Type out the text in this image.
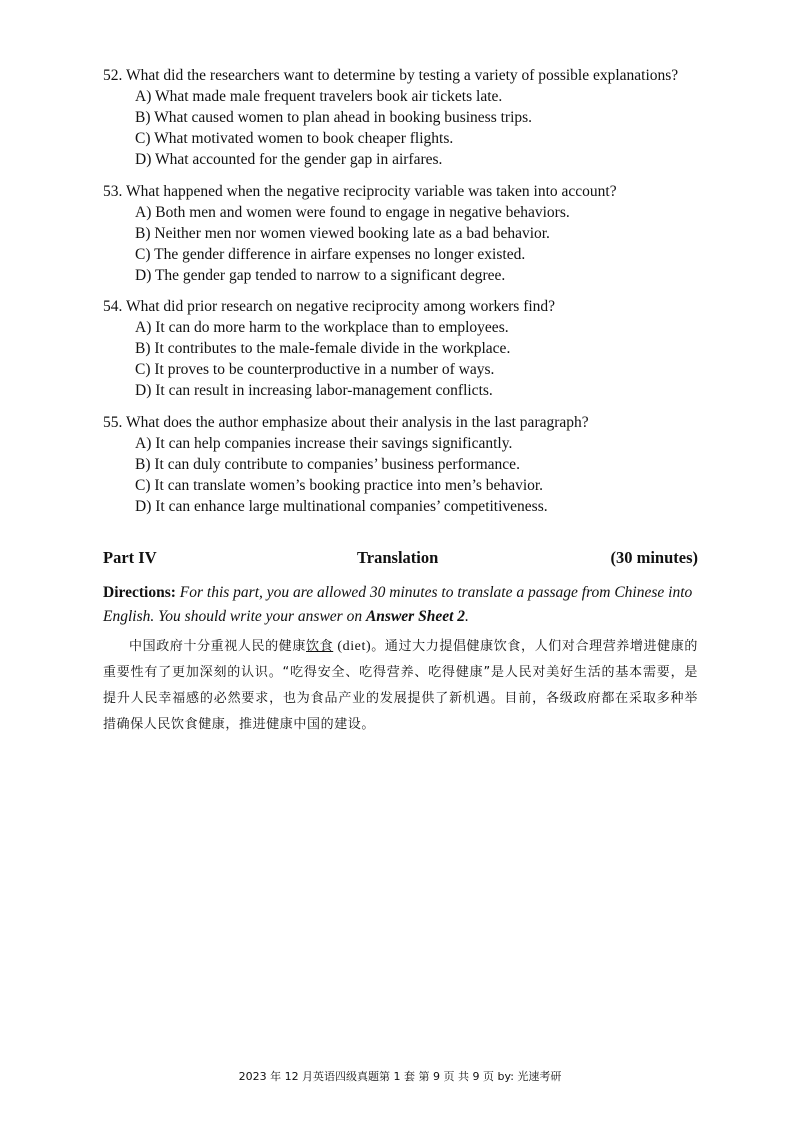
52. What did the researchers want to determine by testing a variety of possible explanations?
A) What made male frequent travelers book air tickets late.
B) What caused women to plan ahead in booking business trips.
C) What motivated women to book cheaper flights.
D) What accounted for the gender gap in airfares.
53. What happened when the negative reciprocity variable was taken into account?
A) Both men and women were found to engage in negative behaviors.
B) Neither men nor women viewed booking late as a bad behavior.
C) The gender difference in airfare expenses no longer existed.
D) The gender gap tended to narrow to a significant degree.
54. What did prior research on negative reciprocity among workers find?
A) It can do more harm to the workplace than to employees.
B) It contributes to the male-female divide in the workplace.
C) It proves to be counterproductive in a number of ways.
D) It can result in increasing labor-management conflicts.
55. What does the author emphasize about their analysis in the last paragraph?
A) It can help companies increase their savings significantly.
B) It can duly contribute to companies’ business performance.
C) It can translate women’s booking practice into men’s behavior.
D) It can enhance large multinational companies’ competitiveness.
Part IV	Translation	(30 minutes)
Directions: For this part, you are allowed 30 minutes to translate a passage from Chinese into English. You should write your answer on Answer Sheet 2.
中国政府十分重视人民的健康饮食 (diet)。通过大力提倡健康饮食，人们对合理营养增进健康的重要性有了更加深刻的认识。“吃得安全、吃得营养、吃得健康”是人民对美好生活的基本需要，是提升人民幸福感的必然要求，也为食品产业的发展提供了新机遇。目前，各级政府都在采取多种举措确保人民饮食健康，推进健康中国的建设。
2023 年 12 月英语四级真题第 1 套 第 9 页 共 9 页 by: 光速考研
